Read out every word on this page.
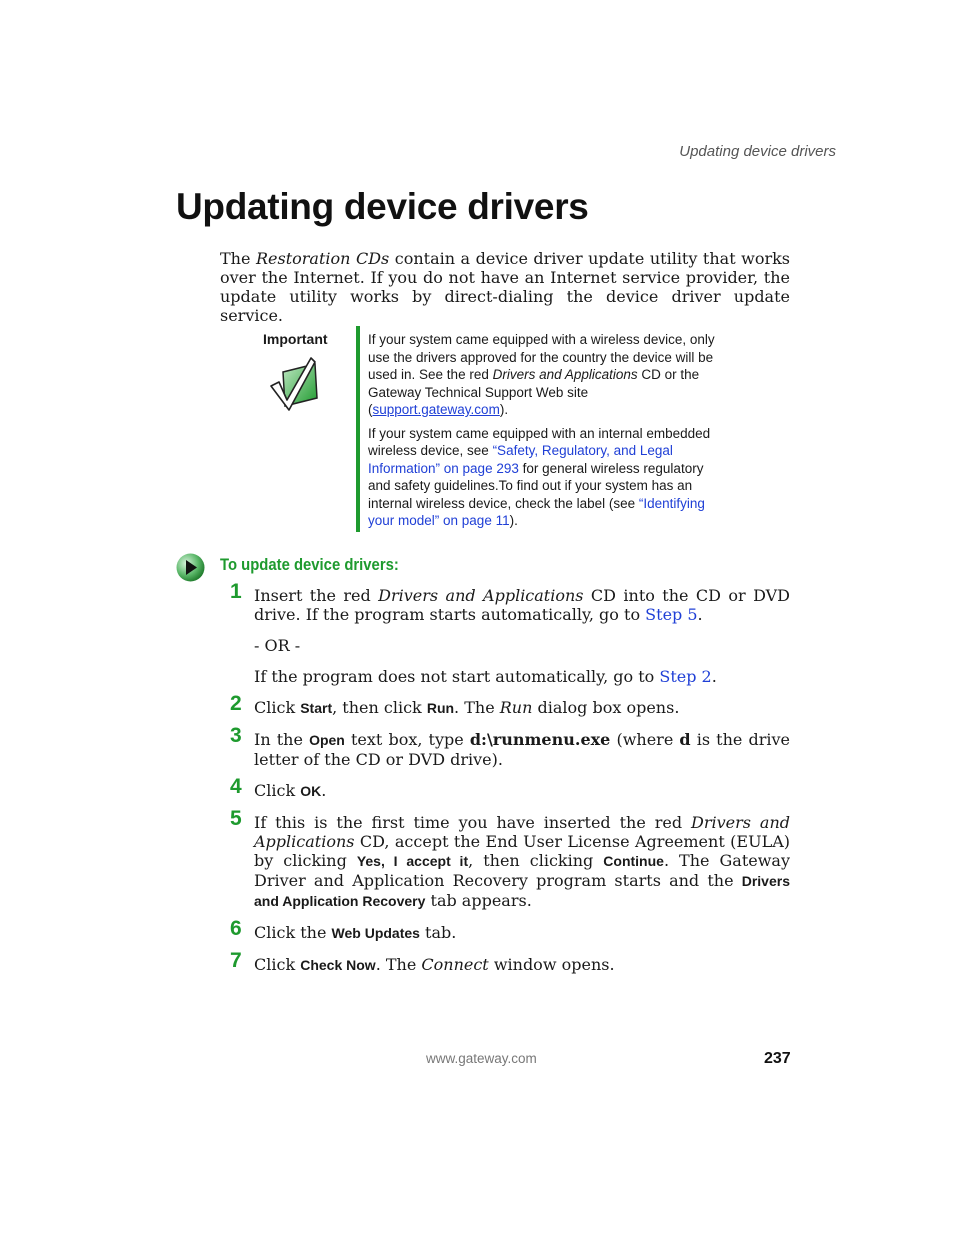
Updating device drivers
Updating device drivers

The Restoration CDs contain a device driver update utility that works over the Internet. If you do not have an Internet service provider, the update utility works by direct-dialing the device driver update service.

Important	If your system came equipped with a wireless device, only use the drivers approved for the country the device will be used in. See the red Drivers and Applications CD or the Gateway Technical Support Web site (support.gateway.com).

If your system came equipped with an internal embedded wireless device, see “Safety, Regulatory, and Legal Information” on page 293 for general wireless regulatory and safety guidelines.To find out if your system has an internal wireless device, check the label (see “Identifying your model” on page 11).

To update device drivers:
1 Insert the red Drivers and Applications CD into the CD or DVD drive. If the program starts automatically, go to Step 5.

- OR -

If the program does not start automatically, go to Step 2.

2 Click Start, then click Run. The Run dialog box opens.

3 In the Open text box, type d:\runmenu.exe (where d is the drive letter of the CD or DVD drive).

4 Click OK.

5 If this is the first time you have inserted the red Drivers and Applications CD, accept the End User License Agreement (EULA) by clicking Yes, I accept it, then clicking Continue. The Gateway Driver and Application Recovery program starts and the Drivers and Application Recovery tab appears.

6 Click the Web Updates tab.

7 Click Check Now. The Connect window opens.

www.gateway.com	237
